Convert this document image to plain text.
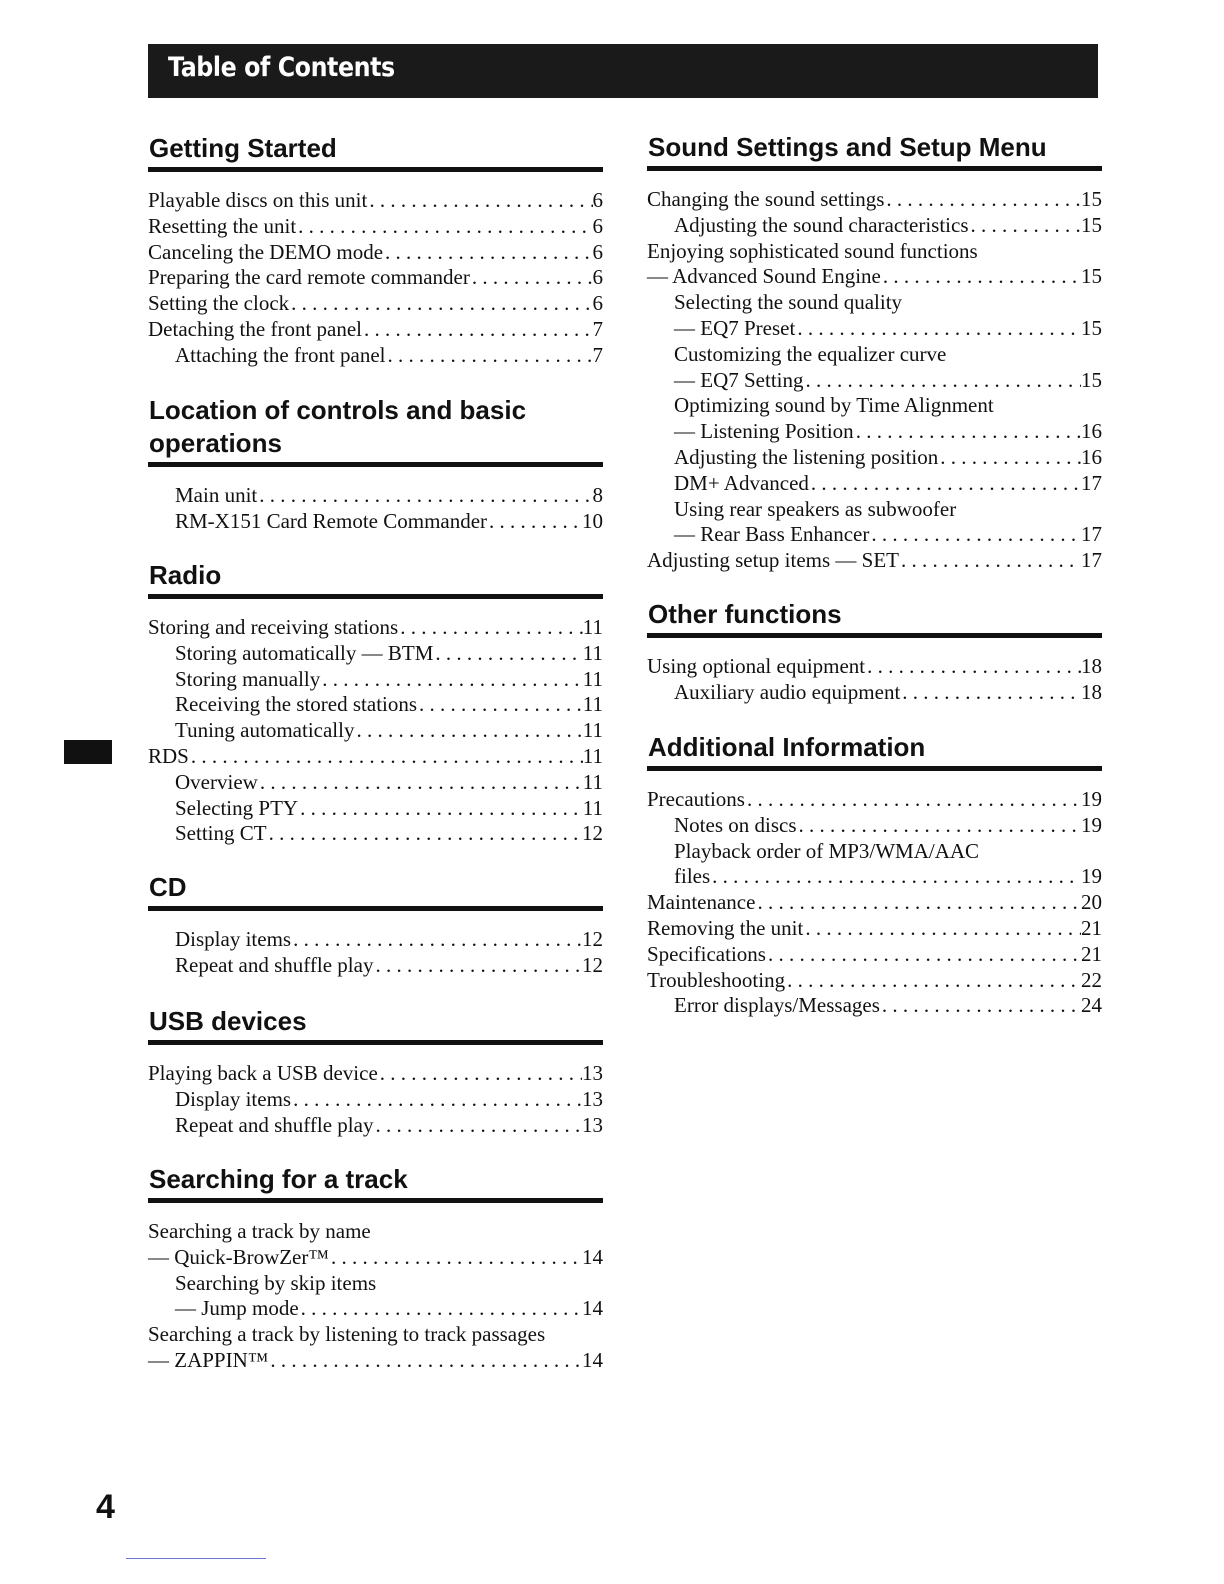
Table of Contents
Getting Started
Playable discs on this unit . . .	6
Resetting the unit . . .	6
Canceling the DEMO mode . . .	6
Preparing the card remote commander . . .	6
Setting the clock . . .	6
Detaching the front panel . . .	7
Attaching the front panel . . .	7
Location of controls and basic
operations
Main unit . . .	8
RM-X151 Card Remote Commander . . .	10
Radio
Storing and receiving stations . . .	11
Storing automatically — BTM . . .	11
Storing manually . . .	11
Receiving the stored stations . . .	11
Tuning automatically . . .	11
RDS . . .	11
Overview . . .	11
Selecting PTY . . .	11
Setting CT . . .	12
CD
Display items . . .	12
Repeat and shuffle play . . .	12
USB devices
Playing back a USB device . . .	13
Display items . . .	13
Repeat and shuffle play . . .	13
Searching for a track
Searching a track by name
— Quick-BrowZer™ . . .	14
Searching by skip items
— Jump mode . . .	14
Searching a track by listening to track passages
— ZAPPIN™ . . .	14
Sound Settings and Setup Menu
Changing the sound settings . . .	15
Adjusting the sound characteristics . . .	15
Enjoying sophisticated sound functions
— Advanced Sound Engine . . .	15
Selecting the sound quality
— EQ7 Preset . . .	15
Customizing the equalizer curve
— EQ7 Setting . . .	15
Optimizing sound by Time Alignment
— Listening Position . . .	16
Adjusting the listening position . . .	16
DM+ Advanced . . .	17
Using rear speakers as subwoofer
— Rear Bass Enhancer . . .	17
Adjusting setup items — SET . . .	17
Other functions
Using optional equipment . . .	18
Auxiliary audio equipment . . .	18
Additional Information
Precautions . . .	19
Notes on discs . . .	19
Playback order of MP3/WMA/AAC
files . . .	19
Maintenance . . .	20
Removing the unit . . .	21
Specifications . . .	21
Troubleshooting . . .	22
Error displays/Messages . . .	24
4
